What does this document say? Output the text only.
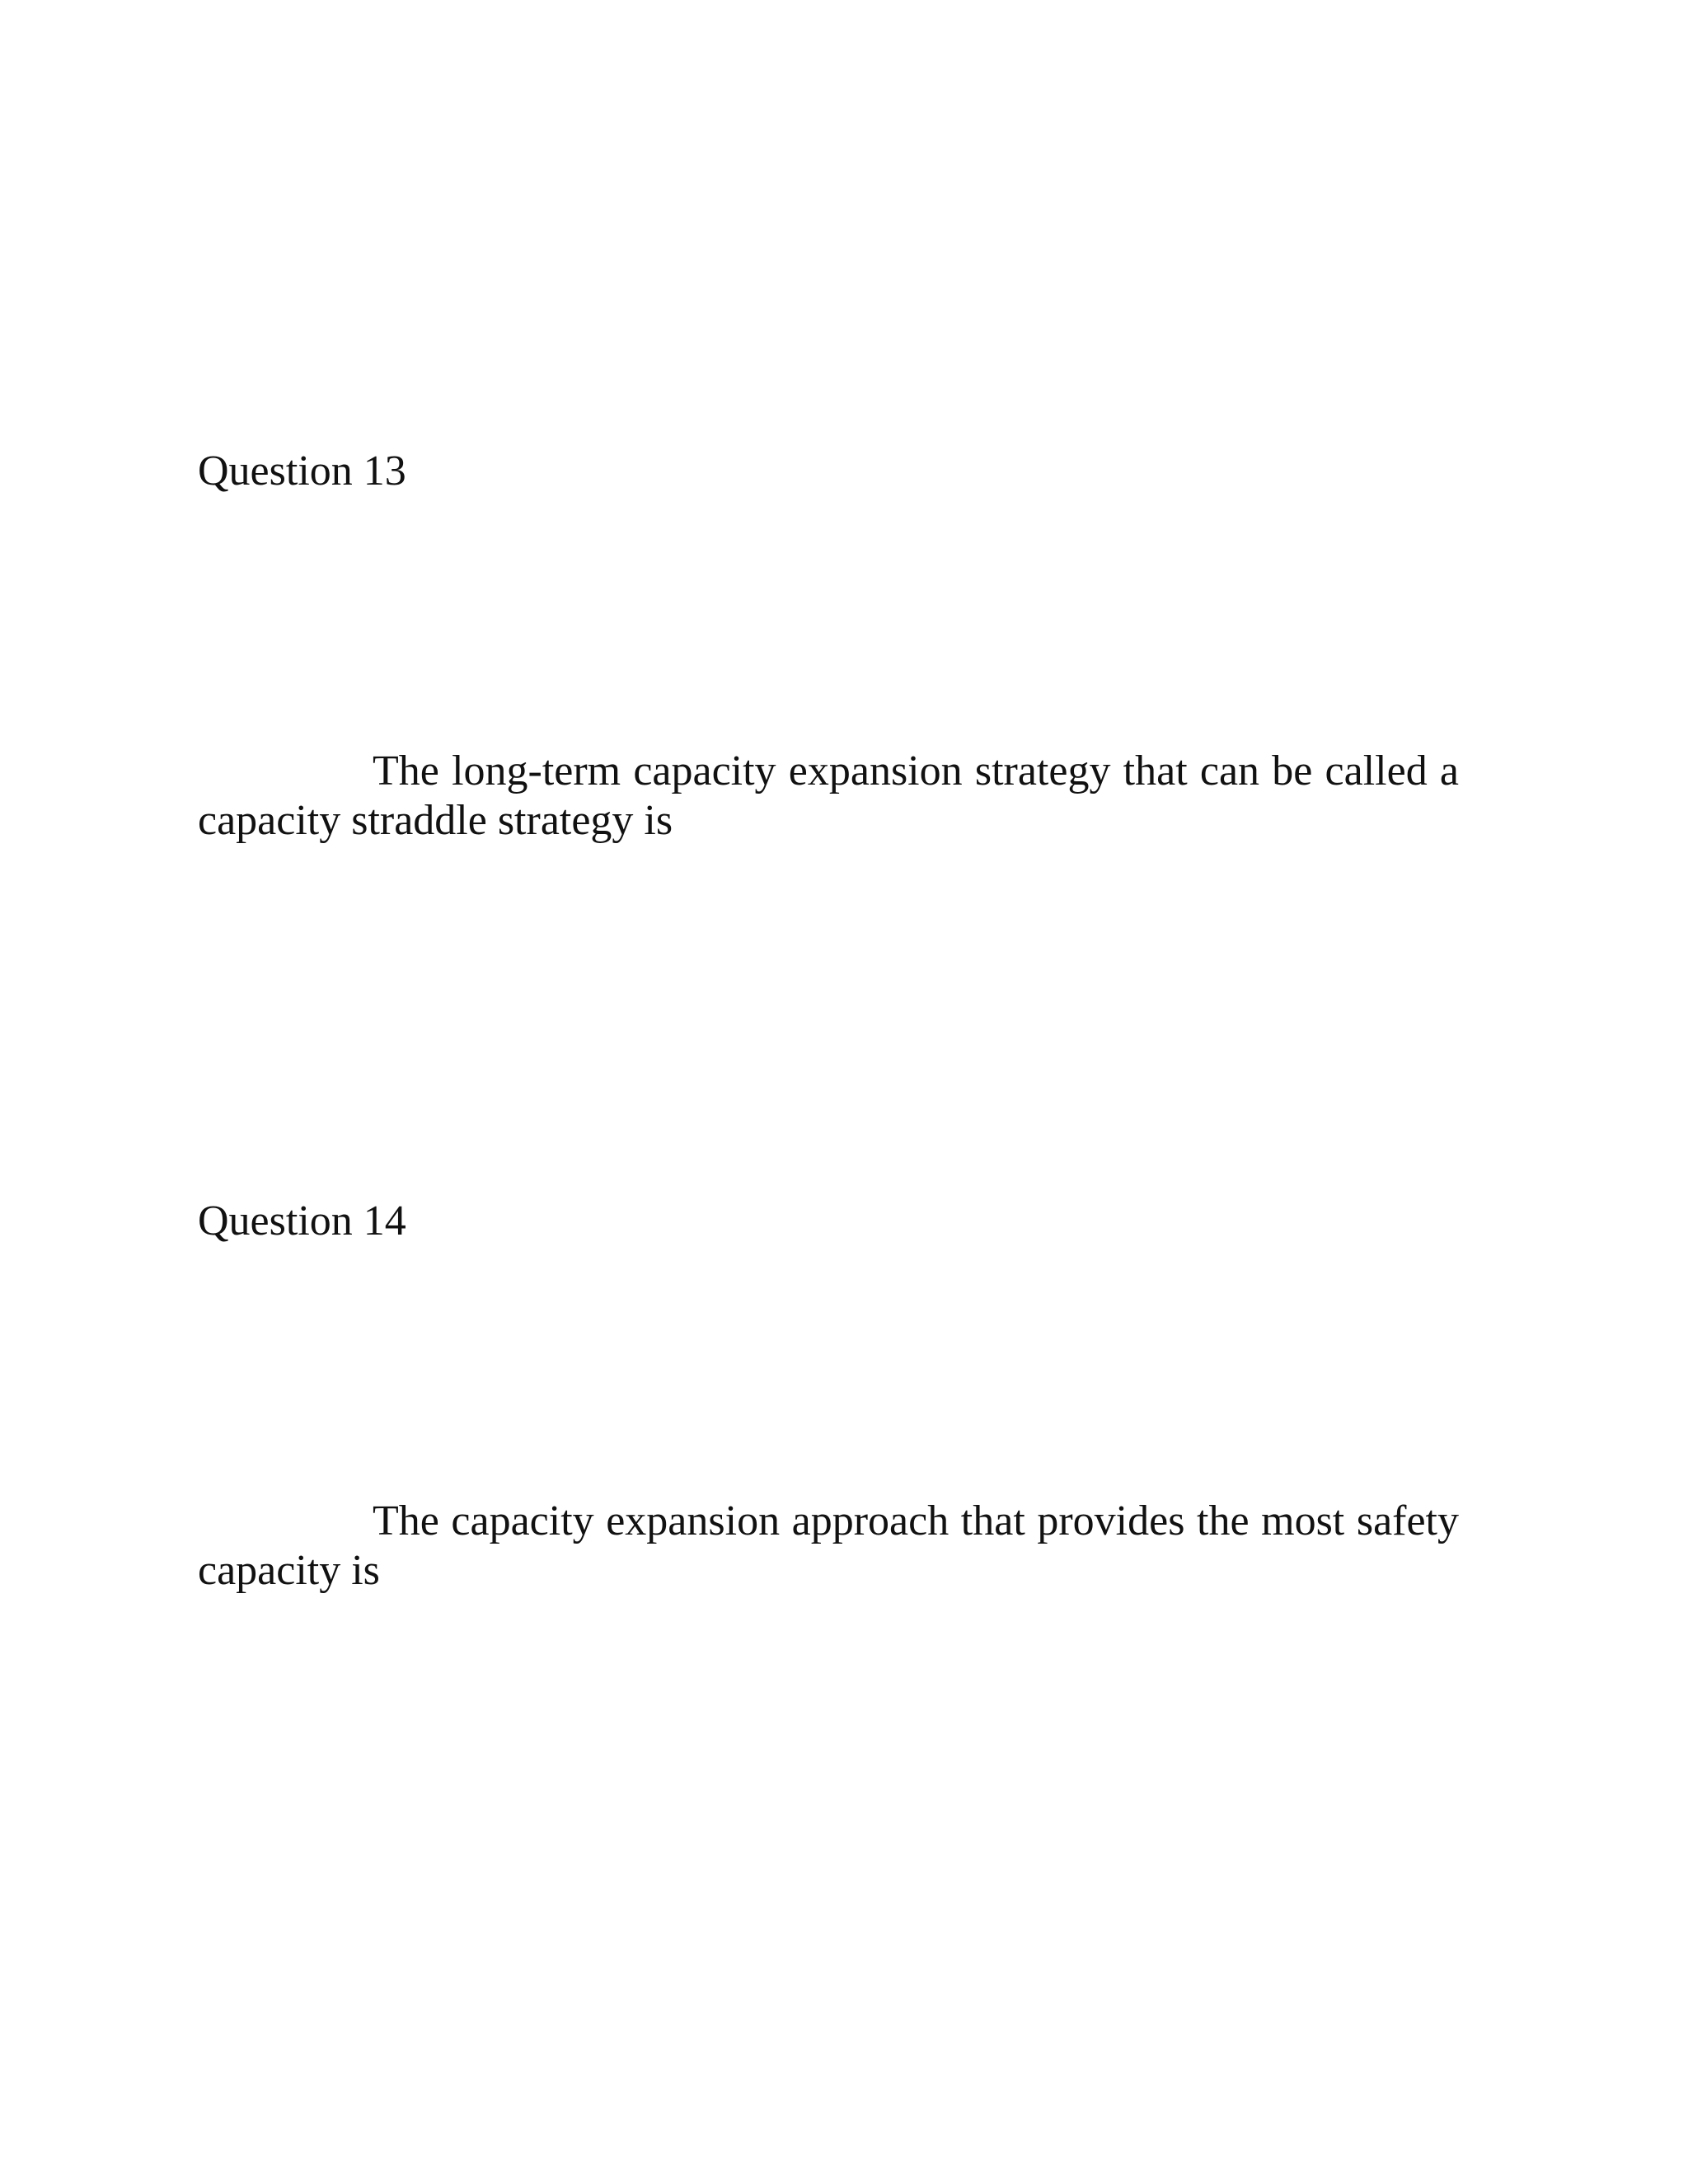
Question 13

The long-term capacity expansion strategy that can be called a capacity straddle strategy is

Question 14

The capacity expansion approach that provides the most safety capacity is
